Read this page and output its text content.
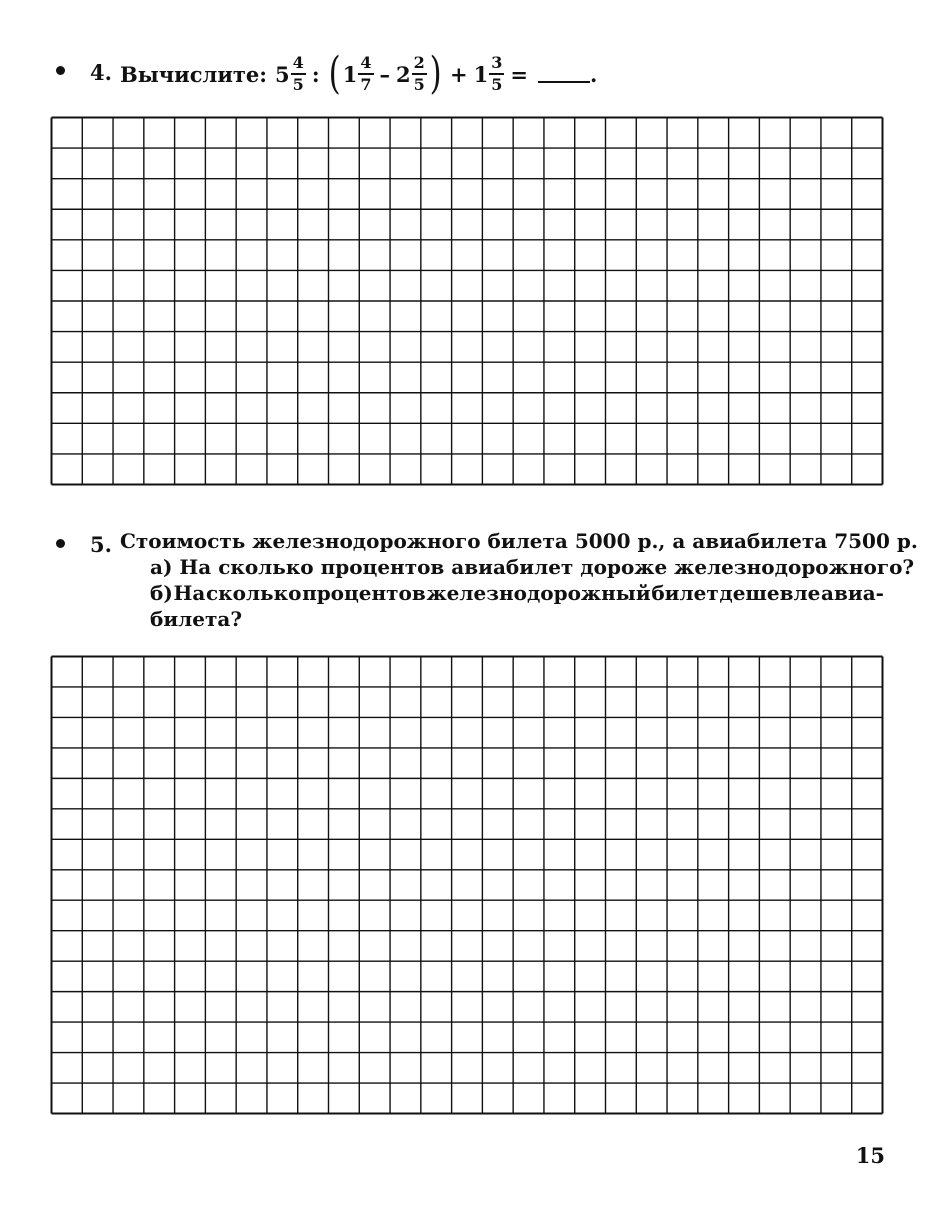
4. Вычислите: $5 \frac{4}{5}$ : ( $1 \frac{4}{7} - 2 \frac{2}{5}$ ) + $1 \frac{3}{5}$ =	.
5. Стоимость железнодорожного билета 5000 р., а авиабилета 7500 р.
а) На сколько процентов авиабилет дороже железнодорожного?
б) На сколько процентов железнодорожный билет дешевле авиа-
билета?
15
